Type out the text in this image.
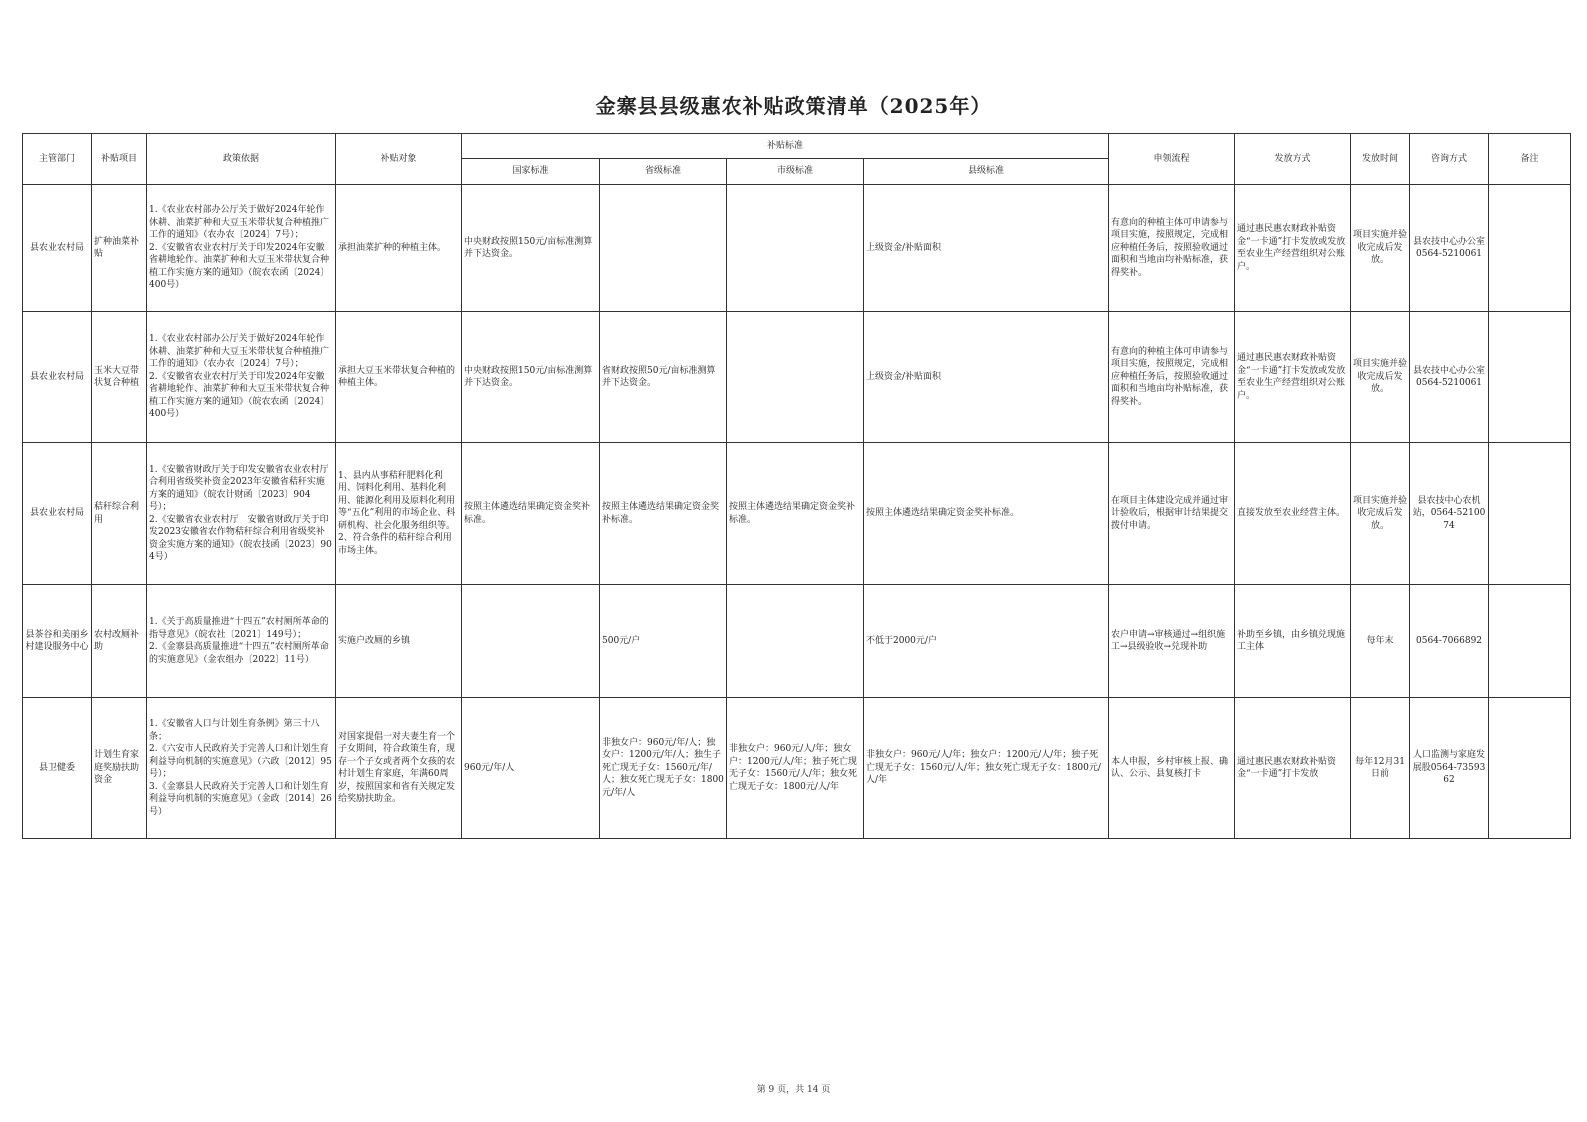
金寨县县级惠农补贴政策清单（2025年）
主管部门	补贴项目	政策依据	补贴对象	补贴标准				申领流程	发放方式	发放时间	咨询方式	备注
				国家标准	省级标准	市级标准	县级标准					
县农业农村局	扩种油菜补贴	1.《农业农村部办公厅关于做好2024年轮作休耕、油菜扩种和大豆玉米带状复合种植推广工作的通知》（农办农〔2024〕7号）；
2.《安徽省农业农村厅关于印发2024年安徽省耕地轮作、油菜扩种和大豆玉米带状复合种植工作实施方案的通知》（皖农农函〔2024〕400号）	承担油菜扩种的种植主体。	中央财政按照150元/亩标准测算并下达资金。			上级资金/补贴面积	有意向的种植主体可申请参与项目实施，按照规定，完成相应种植任务后，按照验收通过面积和当地亩均补贴标准，获得奖补。	通过惠民惠农财政补贴资金“一卡通”打卡发放或发放至农业生产经营组织对公账户。	项目实施并验收完成后发放。	县农技中心办公室0564-5210061	
县农业农村局	玉米大豆带状复合种植	1.《农业农村部办公厅关于做好2024年轮作休耕、油菜扩种和大豆玉米带状复合种植推广工作的通知》（农办农〔2024〕7号）；
2.《安徽省农业农村厅关于印发2024年安徽省耕地轮作、油菜扩种和大豆玉米带状复合种植工作实施方案的通知》（皖农农函〔2024〕400号）	承担大豆玉米带状复合种植的种植主体。	中央财政按照150元/亩标准测算并下达资金。	省财政按照50元/亩标准测算并下达资金。		上级资金/补贴面积	有意向的种植主体可申请参与项目实施，按照规定，完成相应种植任务后，按照验收通过面积和当地亩均补贴标准，获得奖补。	通过惠民惠农财政补贴资金“一卡通”打卡发放或发放至农业生产经营组织对公账户。	项目实施并验收完成后发放。	县农技中心办公室0564-5210061	
县农业农村局	秸秆综合利用	1.《安徽省财政厅关于印发安徽省农业农村厅合利用省级奖补资金2023年安徽省秸秆实施方案的通知》（皖农计财函〔2023〕904号）；
2.《安徽省农业农村厅　安徽省财政厅关于印发2023安徽省农作物秸秆综合利用省级奖补资金实施方案的通知》（皖农技函〔2023〕904号）	1、县内从事秸秆肥料化利用、饲料化利用、基料化利用、能源化利用及原料化利用等“五化”利用的市场企业、科研机构、社会化服务组织等。
2、符合条件的秸秆综合利用市场主体。	按照主体遴选结果确定资金奖补标准。	按照主体遴选结果确定资金奖补标准。	按照主体遴选结果确定资金奖补标准。	按照主体遴选结果确定资金奖补标准。	在项目主体建设完成并通过审计验收后，根据审计结果提交拨付申请。	直接发放至农业经营主体。	项目实施并验收完成后发放。	县农技中心农机站，0564-5210074	
县茶谷和美丽乡村建设服务中心	农村改厕补助	1.《关于高质量推进“十四五”农村厕所革命的指导意见》（皖农社〔2021〕149号）；
2.《金寨县高质量推进“十四五”农村厕所革命的实施意见》（金农组办〔2022〕11号）	实施户改厕的乡镇		500元/户		不低于2000元/户	农户申请→审核通过→组织施工→县级验收→兑现补助	补助至乡镇，由乡镇兑现施工主体	每年末	0564-7066892	
县卫健委	计划生育家庭奖励扶助资金	1.《安徽省人口与计划生育条例》第三十八条；
2.《六安市人民政府关于完善人口和计划生育利益导向机制的实施意见》（六政〔2012〕95号）；
3.《金寨县人民政府关于完善人口和计划生育利益导向机制的实施意见》（金政〔2014〕26号）	对国家提倡一对夫妻生育一个子女期间，符合政策生育，现存一个子女或者两个女孩的农村计划生育家庭，年满60周岁，按照国家和省有关规定发给奖励扶助金。	960元/年/人	非独女户：960元/年/人；独女户：1200元/年/人；独生子死亡现无子女：1560元/年/人；独女死亡现无子女：1800元/年/人	非独女户：960元/人/年；独女户：1200元/人/年；独子死亡现无子女：1560元/人/年；独女死亡现无子女：1800元/人/年	非独女户：960元/人/年；独女户：1200元/人/年；独子死亡现无子女：1560元/人/年；独女死亡现无子女：1800元/人/年	本人申报，乡村审核上报、确认、公示、县复核打卡	通过惠民惠农财政补贴资金“一卡通”打卡发放	每年12月31日前	人口监测与家庭发展股0564-7359362	
第 9 页，共 14 页
